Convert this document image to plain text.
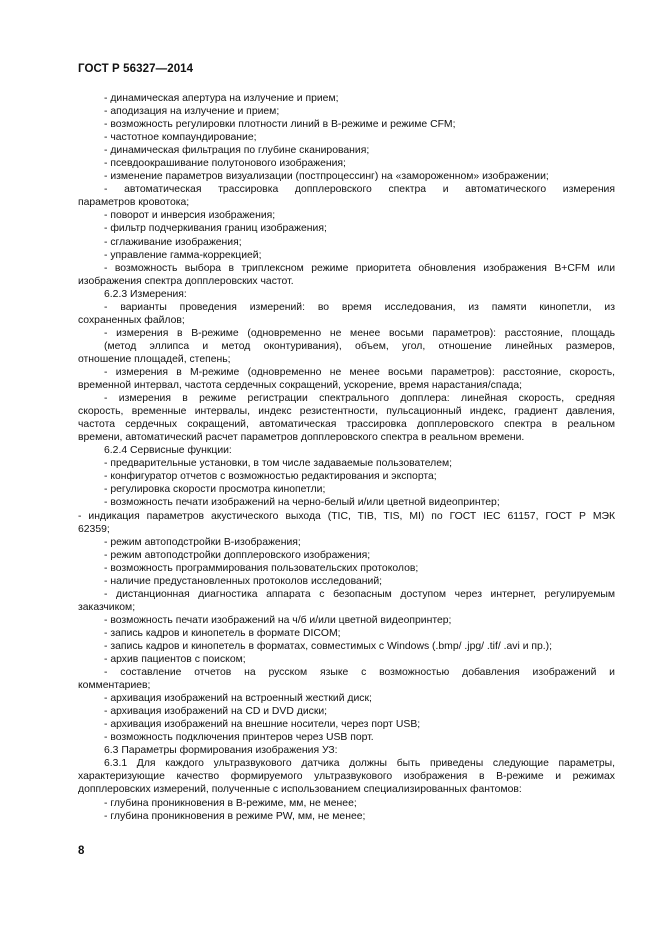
ГОСТ Р 56327—2014
- динамическая апертура на излучение и прием;
- аподизация на излучение и прием;
- возможность регулировки плотности линий в В-режиме и режиме CFM;
- частотное компаундирование;
- динамическая фильтрация по глубине сканирования;
- псевдоокрашивание полутонового изображения;
- изменение параметров визуализации (постпроцессинг) на «замороженном» изображении;
- автоматическая трассировка допплеровского спектра и автоматического измерения
параметров кровотока;
- поворот и инверсия изображения;
- фильтр подчеркивания границ изображения;
- сглаживание изображения;
- управление гамма-коррекцией;
- возможность выбора в триплексном режиме приоритета обновления изображения B+CFM или
изображения спектра допплеровских частот.
6.2.3 Измерения:
- варианты проведения измерений: во время исследования, из памяти кинопетли, из
сохраненных файлов;
- измерения в В-режиме (одновременно не менее восьми параметров): расстояние, площадь
(метод эллипса и метод оконтуривания), объем, угол, отношение линейных размеров,
отношение площадей, степень;
- измерения в М-режиме (одновременно не менее восьми параметров): расстояние, скорость,
временной интервал, частота сердечных сокращений, ускорение, время нарастания/спада;
- измерения в режиме регистрации спектрального допплера: линейная скорость, средняя
скорость, временные интервалы, индекс резистентности, пульсационный индекс, градиент давления,
частота сердечных сокращений, автоматическая трассировка допплеровского спектра в реальном
времени, автоматический расчет параметров допплеровского спектра в реальном времени.
6.2.4 Сервисные функции:
- предварительные установки, в том числе задаваемые пользователем;
- конфигуратор отчетов с возможностью редактирования и экспорта;
- регулировка скорости просмотра кинопетли;
- возможность печати изображений на черно-белый и/или цветной видеопринтер;
- индикация параметров акустического выхода (TIC, TIB, TIS, MI) по ГОСТ IEC 61157, ГОСТ Р МЭК
62359;
- режим автоподстройки В-изображения;
- режим автоподстройки допплеровского изображения;
- возможность программирования пользовательских протоколов;
- наличие предустановленных протоколов исследований;
- дистанционная диагностика аппарата с безопасным доступом через интернет, регулируемым
заказчиком;
- возможность печати изображений на ч/б и/или цветной видеопринтер;
- запись кадров и кинопетель в формате DICOM;
- запись кадров и кинопетель в форматах, совместимых с Windows (.bmp/ .jpg/ .tif/ .avi и пр.);
- архив пациентов с поиском;
- составление отчетов на русском языке с возможностью добавления изображений и
комментариев;
- архивация изображений на встроенный жесткий диск;
- архивация изображений на CD и DVD диски;
- архивация изображений на внешние носители, через порт USB;
- возможность подключения принтеров через USB порт.
6.3 Параметры формирования изображения УЗ:
6.3.1 Для каждого ультразвукового датчика должны быть приведены следующие параметры,
характеризующие качество формируемого ультразвукового изображения в В-режиме и режимах
допплеровских измерений, полученные с использованием специализированных фантомов:
- глубина проникновения в В-режиме, мм, не менее;
- глубина проникновения в режиме PW, мм, не менее;
8
